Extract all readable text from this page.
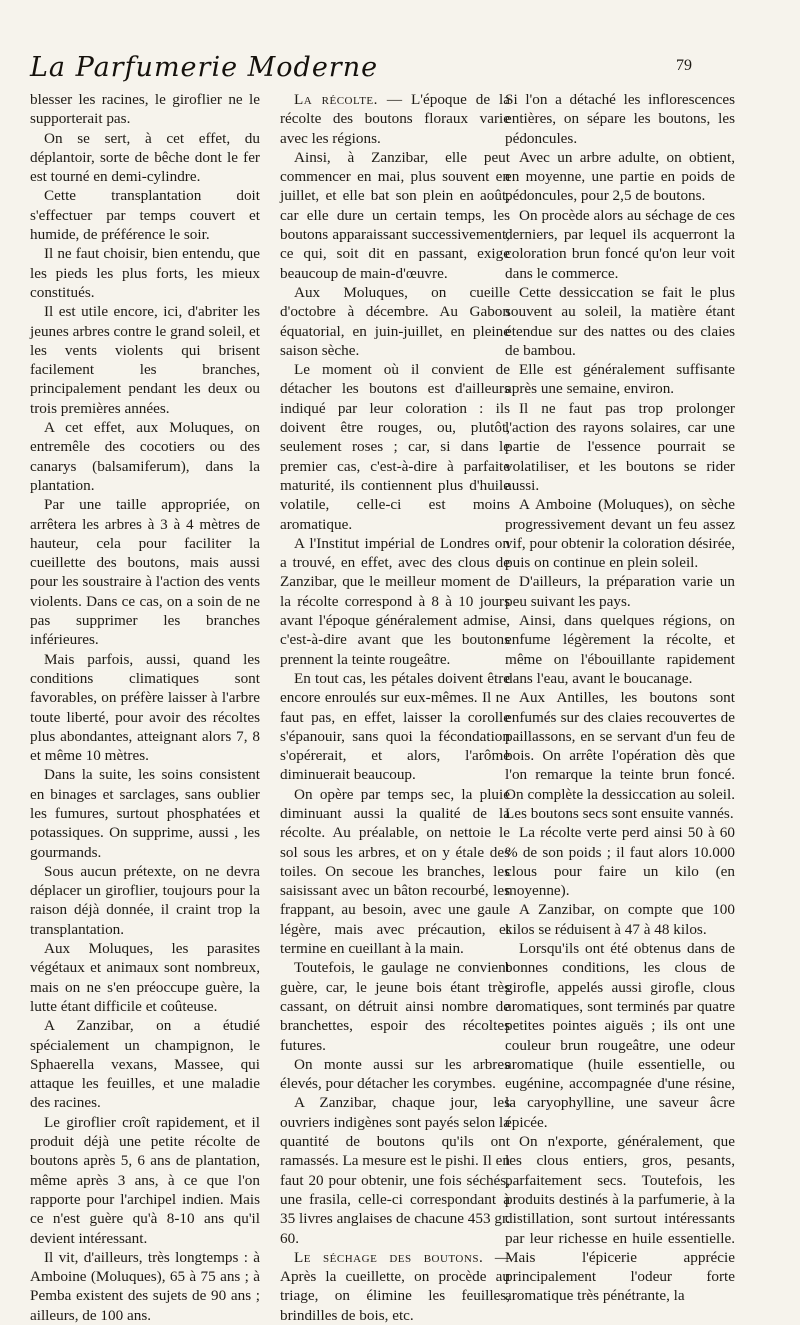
La Parfumerie Moderne	79

blesser les racines, le giroflier ne le supporterait pas.

On se sert, à cet effet, du déplantoir, sorte de bêche dont le fer est tourné en demi-cylindre.

Cette transplantation doit s'effectuer par temps couvert et humide, de préférence le soir.

Il ne faut choisir, bien entendu, que les pieds les plus forts, les mieux constitués.

Il est utile encore, ici, d'abriter les jeunes arbres contre le grand soleil, et les vents violents qui brisent facilement les branches, principalement pendant les deux ou trois premières années.

A cet effet, aux Moluques, on entremêle des cocotiers ou des canarys (balsamiferum), dans la plantation.

Par une taille appropriée, on arrêtera les arbres à 3 à 4 mètres de hauteur, cela pour faciliter la cueillette des boutons, mais aussi pour les soustraire à l'action des vents violents. Dans ce cas, on a soin de ne pas supprimer les branches inférieures.

Mais parfois, aussi, quand les conditions climatiques sont favorables, on préfère laisser à l'arbre toute liberté, pour avoir des récoltes plus abondantes, atteignant alors 7, 8 et même 10 mètres.

Dans la suite, les soins consistent en binages et sarclages, sans oublier les fumures, surtout phosphatées et potassiques. On supprime, aussi , les gourmands.

Sous aucun prétexte, on ne devra déplacer un giroflier, toujours pour la raison déjà donnée, il craint trop la transplantation.

Aux Moluques, les parasites végétaux et animaux sont nombreux, mais on ne s'en préoccupe guère, la lutte étant difficile et coûteuse.

A Zanzibar, on a étudié spécialement un champignon, le Sphaerella vexans, Massee, qui attaque les feuilles, et une maladie des racines.

Le giroflier croît rapidement, et il produit déjà une petite récolte de boutons après 5, 6 ans de plantation, même après 3 ans, à ce que l'on rapporte pour l'archipel indien. Mais ce n'est guère qu'à 8-10 ans qu'il devient intéressant.

Il vit, d'ailleurs, très longtemps : à Amboine (Moluques), 65 à 75 ans ; à Pemba existent des sujets de 90 ans ; ailleurs, de 100 ans.

La récolte. — L'époque de la récolte des boutons floraux varie avec les régions.

Ainsi, à Zanzibar, elle peut commencer en mai, plus souvent en juillet, et elle bat son plein en août, car elle dure un certain temps, les boutons apparaissant successivement, ce qui, soit dit en passant, exige beaucoup de main-d'œuvre.

Aux Moluques, on cueille d'octobre à décembre. Au Gabon équatorial, en juin-juillet, en pleine saison sèche.

Le moment où il convient de détacher les boutons est d'ailleurs indiqué par leur coloration : ils doivent être rouges, ou, plutôt, seulement roses ; car, si dans le premier cas, c'est-à-dire à parfaite maturité, ils contiennent plus d'huile volatile, celle-ci est moins aromatique.

A l'Institut impérial de Londres on a trouvé, en effet, avec des clous de Zanzibar, que le meilleur moment de la récolte correspond à 8 à 10 jours avant l'époque généralement admise, c'est-à-dire avant que les boutons prennent la teinte rougeâtre.

En tout cas, les pétales doivent être encore enroulés sur eux-mêmes. Il ne faut pas, en effet, laisser la corolle s'épanouir, sans quoi la fécondation s'opérerait, et alors, l'arôme diminuerait beaucoup.

On opère par temps sec, la pluie diminuant aussi la qualité de la récolte. Au préalable, on nettoie le sol sous les arbres, et on y étale des toiles. On secoue les branches, les saisissant avec un bâton recourbé, les frappant, au besoin, avec une gaule légère, mais avec précaution, et termine en cueillant à la main.

Toutefois, le gaulage ne convient guère, car, le jeune bois étant très cassant, on détruit ainsi nombre de branchettes, espoir des récoltes futures.

On monte aussi sur les arbres élevés, pour détacher les corymbes.

A Zanzibar, chaque jour, les ouvriers indigènes sont payés selon la quantité de boutons qu'ils ont ramassés. La mesure est le pishi. Il en faut 20 pour obtenir, une fois séchés, une frasila, celle-ci correspondant à 35 livres anglaises de chacune 453 gr. 60.

Le séchage des boutons. — Après la cueillette, on procède au triage, on élimine les feuilles, brindilles de bois, etc.

Si l'on a détaché les inflorescences entières, on sépare les boutons, les pédoncules.

Avec un arbre adulte, on obtient, en moyenne, une partie en poids de pédoncules, pour 2,5 de boutons.

On procède alors au séchage de ces derniers, par lequel ils acquerront la coloration brun foncé qu'on leur voit dans le commerce.

Cette dessiccation se fait le plus souvent au soleil, la matière étant étendue sur des nattes ou des claies de bambou.

Elle est généralement suffisante après une semaine, environ.

Il ne faut pas trop prolonger l'action des rayons solaires, car une partie de l'essence pourrait se volatiliser, et les boutons se rider aussi.

A Amboine (Moluques), on sèche progressivement devant un feu assez vif, pour obtenir la coloration désirée, puis on continue en plein soleil.

D'ailleurs, la préparation varie un peu suivant les pays.

Ainsi, dans quelques régions, on enfume légèrement la récolte, et même on l'ébouillante rapidement dans l'eau, avant le boucanage.

Aux Antilles, les boutons sont enfumés sur des claies recouvertes de paillassons, en se servant d'un feu de bois. On arrête l'opération dès que l'on remarque la teinte brun foncé. On complète la dessiccation au soleil. Les boutons secs sont ensuite vannés.

La récolte verte perd ainsi 50 à 60 % de son poids ; il faut alors 10.000 clous pour faire un kilo (en moyenne).

A Zanzibar, on compte que 100 kilos se réduisent à 47 à 48 kilos.

Lorsqu'ils ont été obtenus dans de bonnes conditions, les clous de girofle, appelés aussi girofle, clous aromatiques, sont terminés par quatre petites pointes aiguës ; ils ont une couleur brun rougeâtre, une odeur aromatique (huile essentielle, ou eugénine, accompagnée d'une résine, la caryophylline, une saveur âcre épicée.

On n'exporte, généralement, que les clous entiers, gros, pesants, parfaitement secs. Toutefois, les produits destinés à la parfumerie, à la distillation, sont surtout intéressants par leur richesse en huile essentielle. Mais l'épicerie apprécie principalement l'odeur forte aromatique très pénétrante, la
